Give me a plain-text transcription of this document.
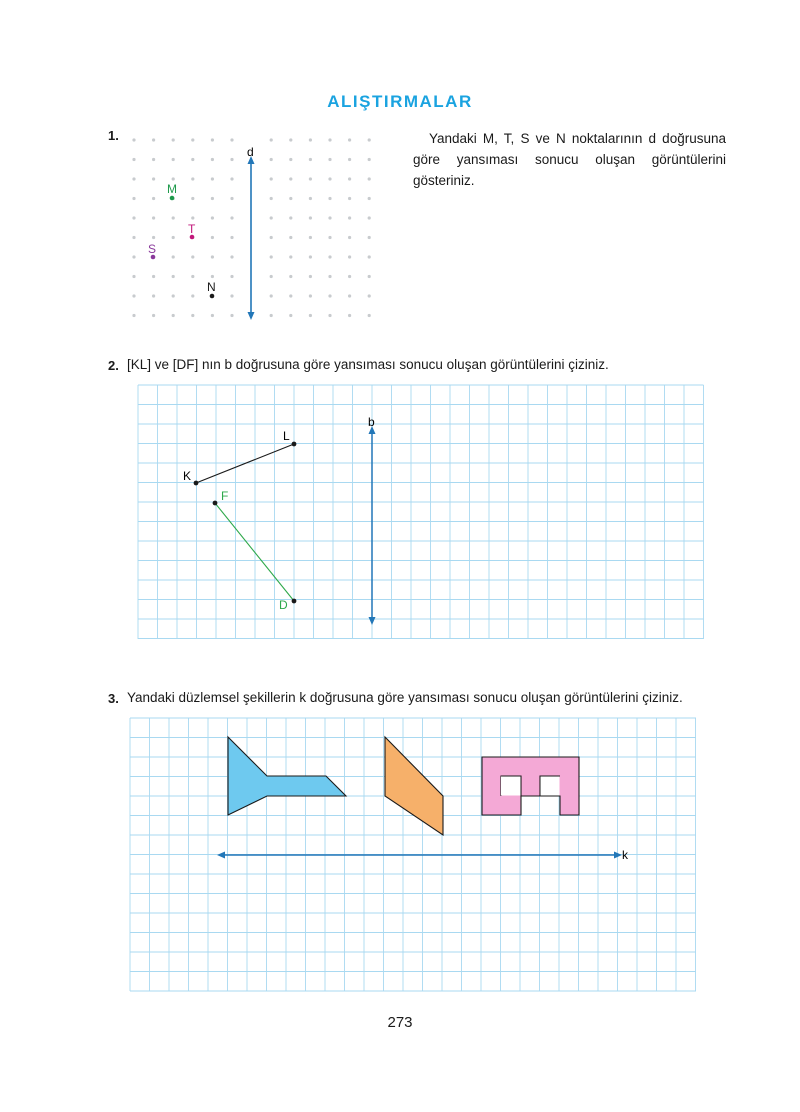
ALIŞTIRMALAR
1.	Yandaki M, T, S ve N noktalarının d doğrusuna göre yansıması sonucu oluşan görüntülerini gösteriniz.
2. [KL] ve [DF] nın b doğrusuna göre yansıması sonucu oluşan görüntülerini çiziniz.
3. Yandaki düzlemsel şekillerin k doğrusuna göre yansıması sonucu oluşan görüntülerini çiziniz.
d
M
T
S
N
b
K
L
F
D
k
273
